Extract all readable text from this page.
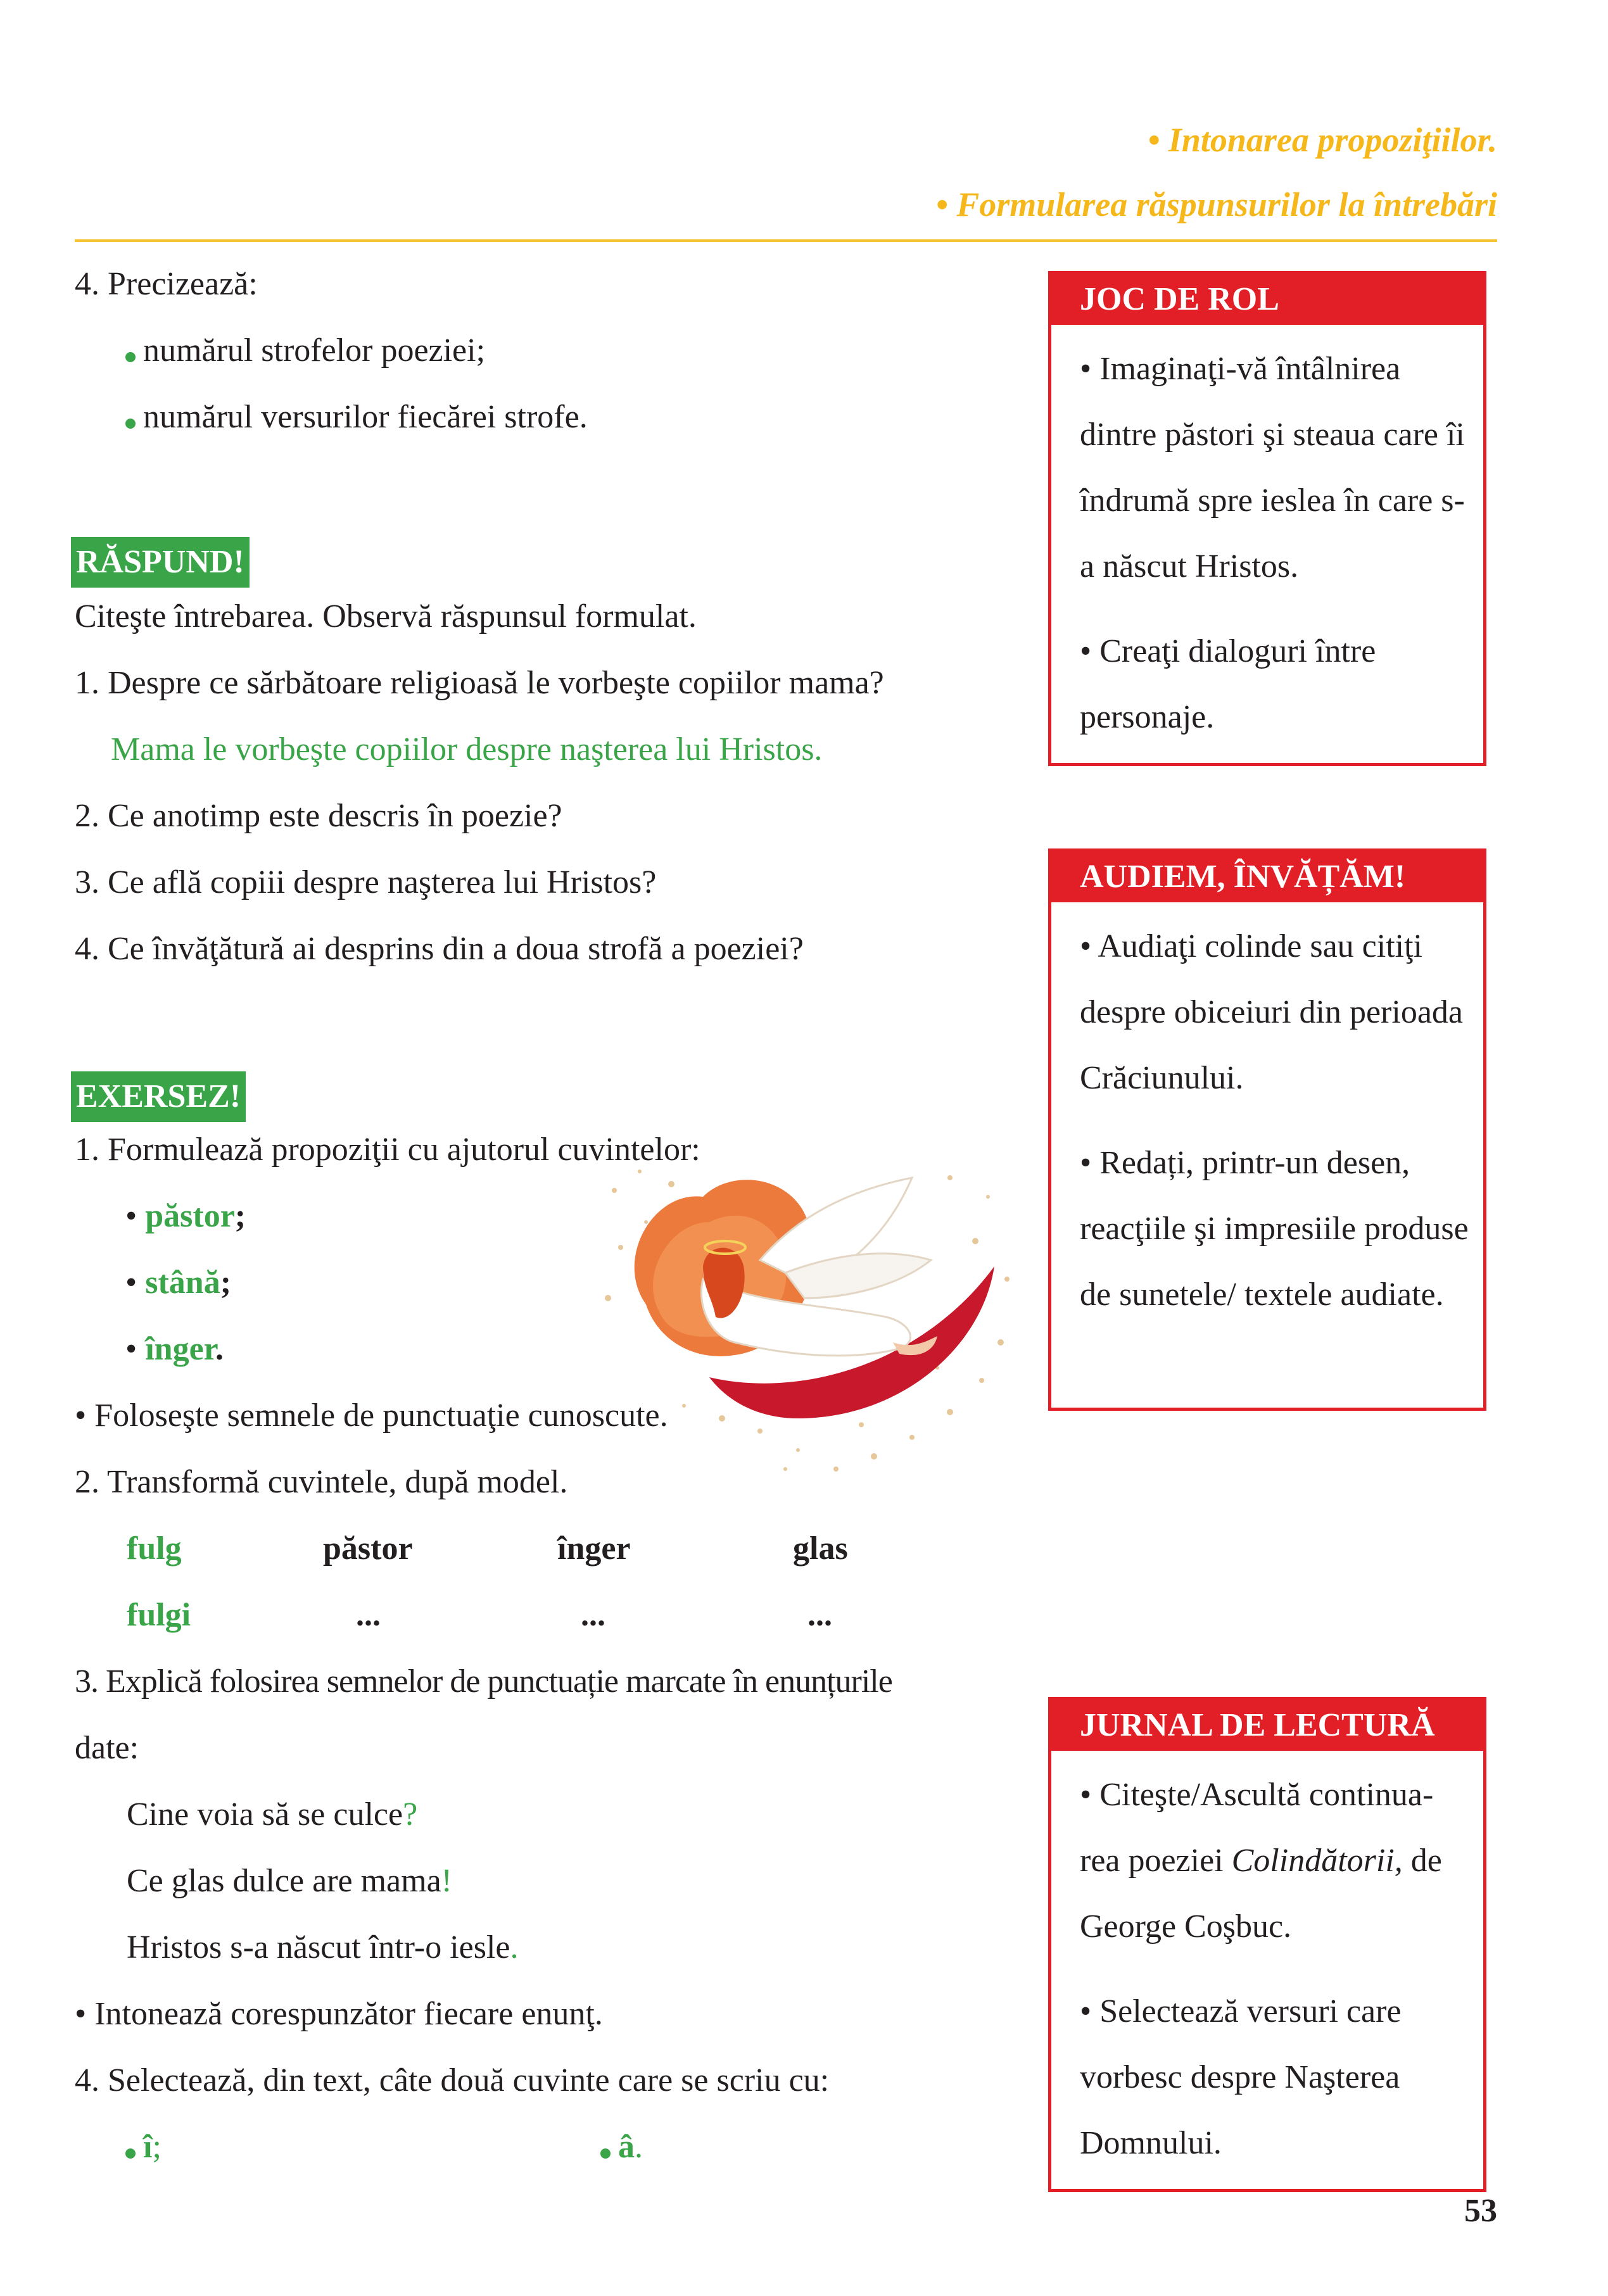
• Intonarea propoziţiilor.
• Formularea răspunsurilor la întrebări
4. Precizează:
numărul strofelor poeziei;
numărul versurilor fiecărei strofe.
RĂSPUND!
Citeşte întrebarea. Observă răspunsul formulat.
1. Despre ce sărbătoare religioasă le vorbeşte copiilor mama?
Mama le vorbeşte copiilor despre naşterea lui Hristos.
2. Ce anotimp este descris în poezie?
3. Ce află copiii despre naşterea lui Hristos?
4. Ce învăţătură ai desprins din a doua strofă a poeziei?
EXERSEZ!
1. Formulează propoziţii cu ajutorul cuvintelor:
• păstor;
• stână;
• înger.
• Foloseşte semnele de punctuaţie cunoscute.
2. Transformă cuvintele, după model.
fulg	păstor	înger	glas
fulgi	...	...	...
3. Explică folosirea semnelor de punctuație marcate în enunțurile
date:
Cine voia să se culce?
Ce glas dulce are mama!
Hristos s-a născut într-o iesle.
• Intonează corespunzător fiecare enunţ.
4. Selectează, din text, câte două cuvinte care se scriu cu:
î;	â.
JOC DE ROL

• Imaginaţi-vă întâlnirea dintre păstori şi steaua care îi îndrumă spre ieslea în care s-a născut Hristos.

• Creaţi dialoguri între personaje.

AUDIEM, ÎNVĂȚĂM!

• Audiaţi colinde sau citiţi despre obiceiuri din perioada Crăciunului.

• Redați, printr-un desen, reacţiile şi impresiile produse de sunetele/ textele audiate.

JURNAL DE LECTURĂ

• Citeşte/Ascultă continua-rea poeziei Colindătorii, de George Coşbuc.

• Selectează versuri care vorbesc despre Naşterea Domnului.

53
